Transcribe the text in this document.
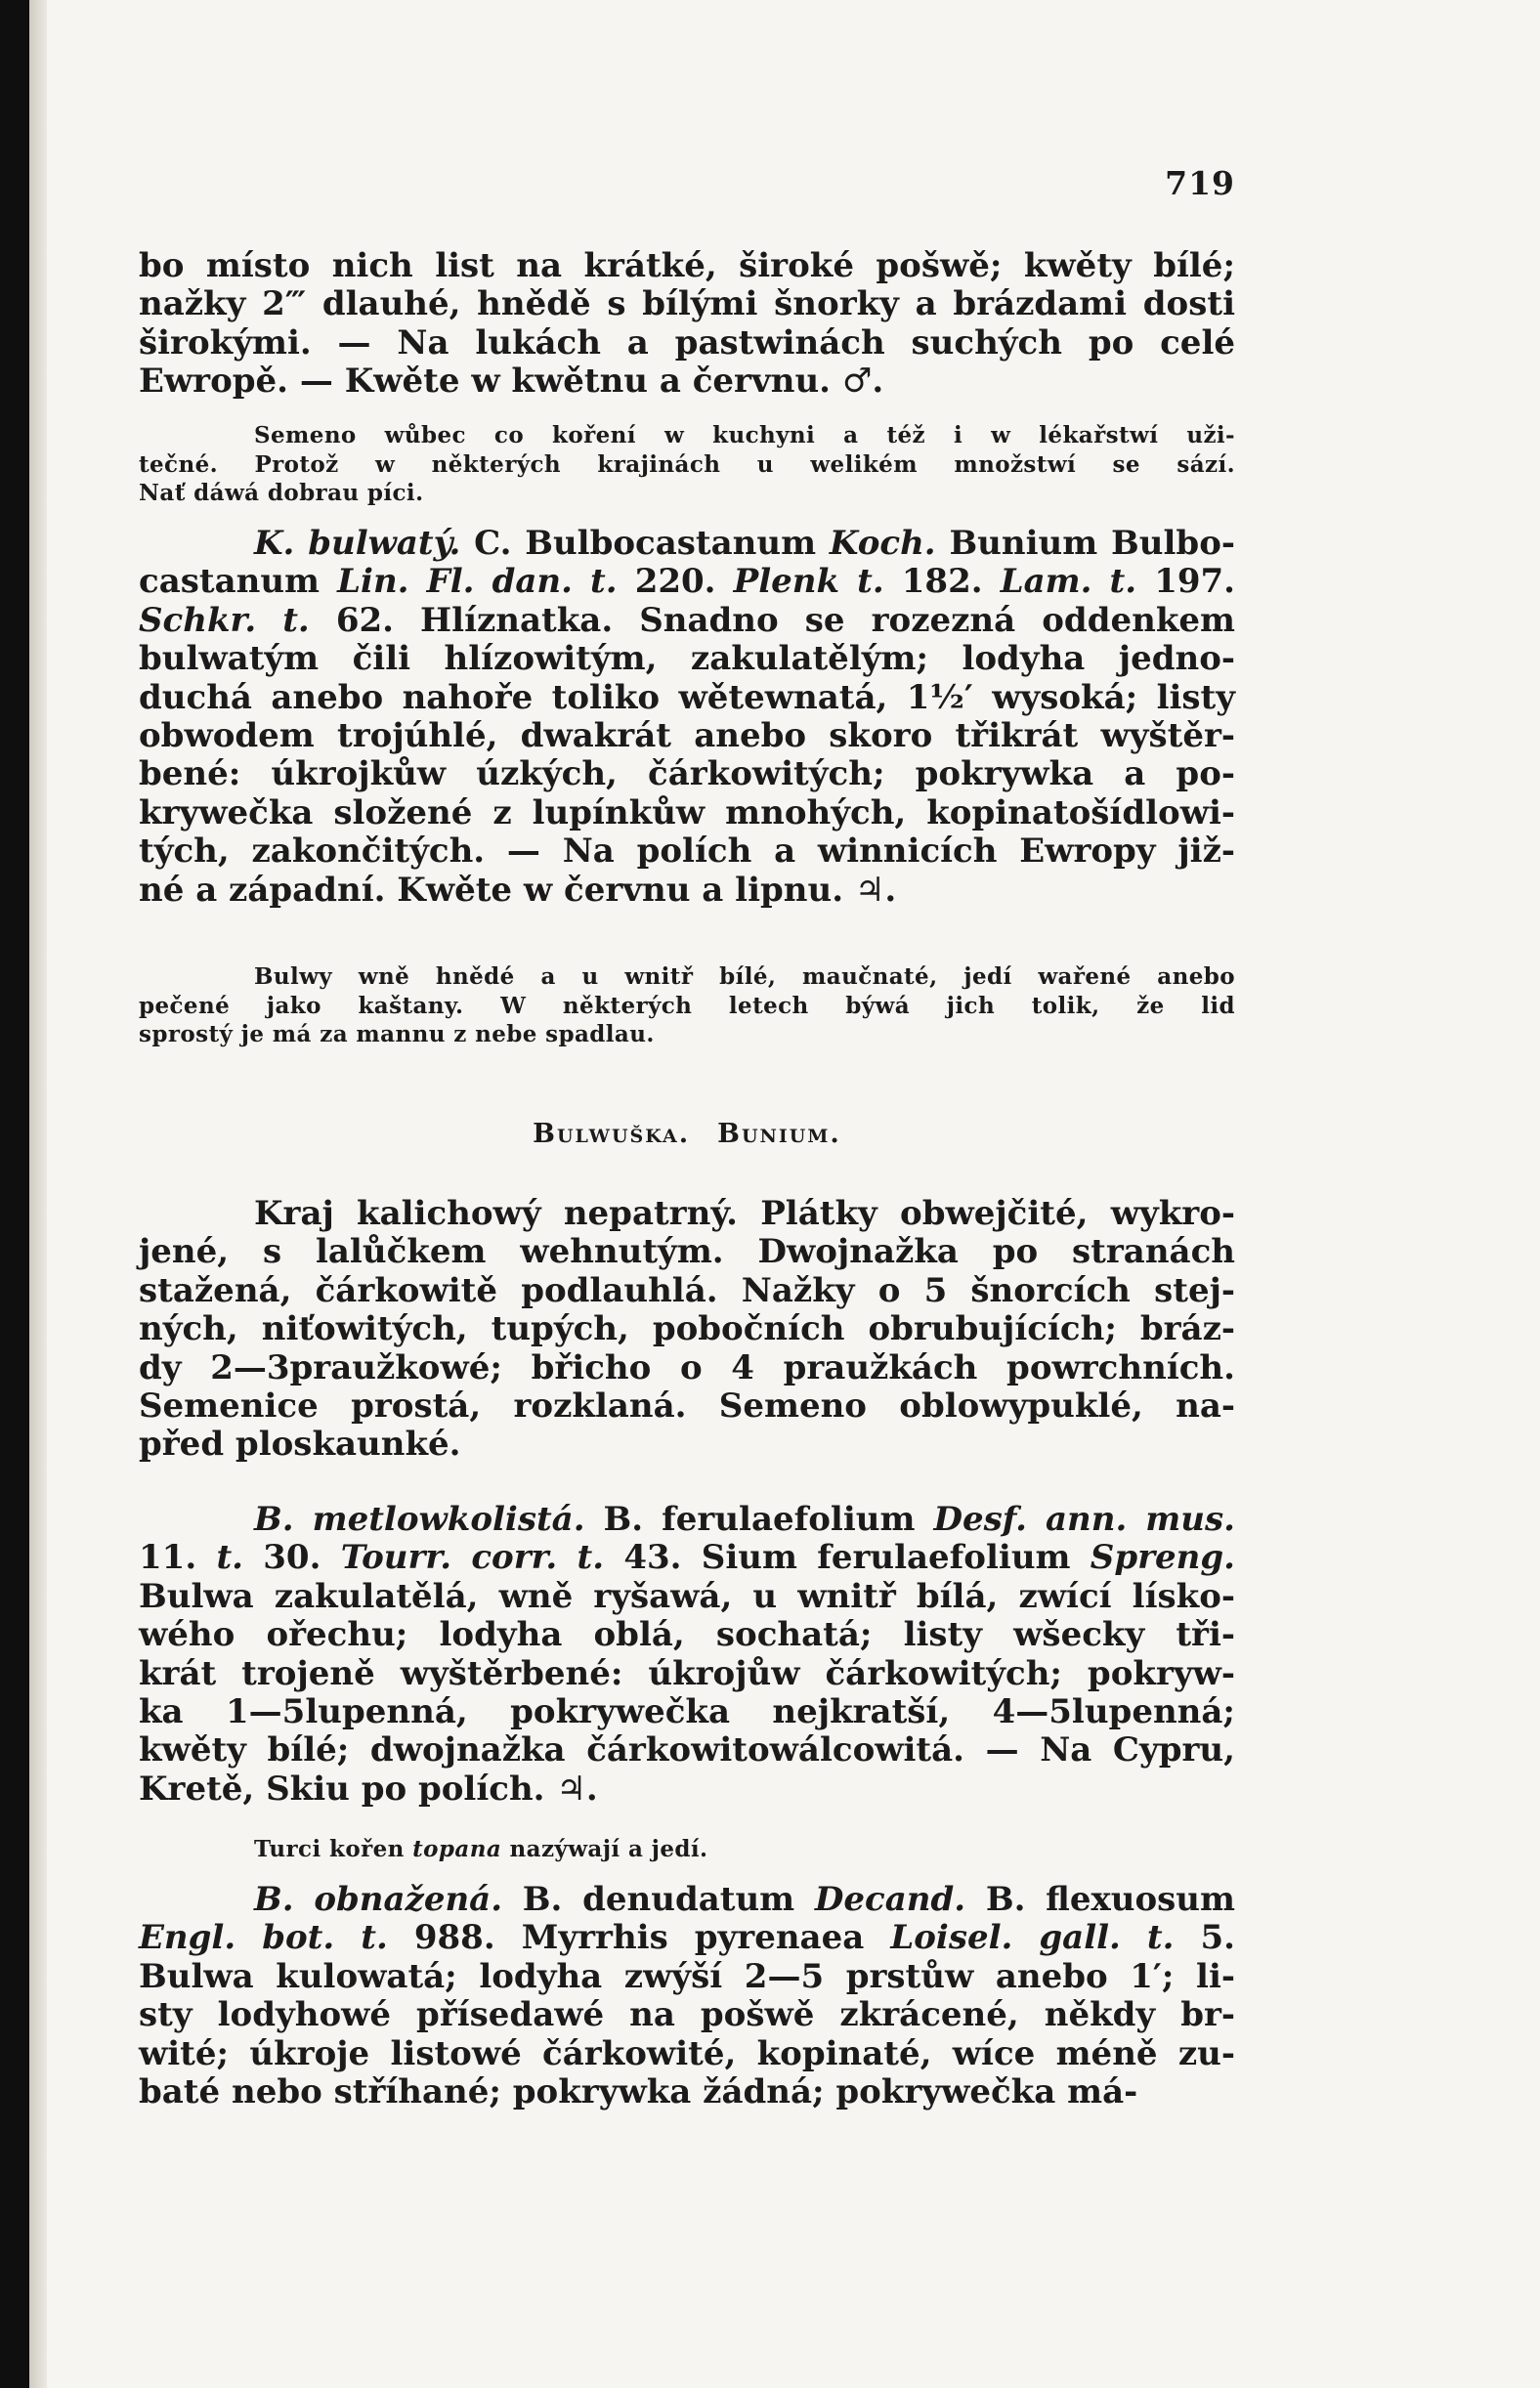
719
bo místo nich list na krátké, široké pošwě; kwěty bílé;
nažky 2‴ dlauhé, hnědě s bílými šnorky a brázdami dosti
širokými. — Na lukách a pastwinách suchých po celé
Ewropě. — Kwěte w kwětnu a červnu. ♂.
Semeno wůbec co koření w kuchyni a též i w lékařstwí uži-
tečné. Protož w některých krajinách u welikém množstwí se sází.
Nať dáwá dobrau píci.
K. bulwatý. C. Bulbocastanum Koch. Bunium Bulbo-
castanum Lin. Fl. dan. t. 220. Plenk t. 182. Lam. t. 197.
Schkr. t. 62. Hlíznatka. Snadno se rozezná oddenkem
bulwatým čili hlízowitým, zakulatělým; lodyha jedno-
duchá anebo nahoře toliko wětewnatá, 1½′ wysoká; listy
obwodem trojúhlé, dwakrát anebo skoro třikrát wyštěr-
bené: úkrojkůw úzkých, čárkowitých; pokrywka a po-
krywečka složené z lupínkůw mnohých, kopinatošídlowi-
tých, zakončitých. — Na polích a winnicích Ewropy již-
né a západní. Kwěte w červnu a lipnu. ♃.
Bulwy wně hnědé a u wnitř bílé, maučnaté, jedí wařené anebo
pečené jako kaštany. W některých letech býwá jich tolik, že lid
sprostý je má za mannu z nebe spadlau.
Bulwuška. Bunium.
Kraj kalichowý nepatrný. Plátky obwejčité, wykro-
jené, s lalůčkem wehnutým. Dwojnažka po stranách
stažená, čárkowitě podlauhlá. Nažky o 5 šnorcích stej-
ných, niťowitých, tupých, pobočních obrubujících; bráz-
dy 2—3praužkowé; břicho o 4 praužkách powrchních.
Semenice prostá, rozklaná. Semeno oblowypuklé, na-
před ploskaunké.
B. metlowkolistá. B. ferulaefolium Desf. ann. mus.
11. t. 30. Tourr. corr. t. 43. Sium ferulaefolium Spreng.
Bulwa zakulatělá, wně ryšawá, u wnitř bílá, zwící lísko-
wého ořechu; lodyha oblá, sochatá; listy wšecky tři-
krát trojeně wyštěrbené: úkrojůw čárkowitých; pokryw-
ka 1—5lupenná, pokrywečka nejkratší, 4—5lupenná;
kwěty bílé; dwojnažka čárkowitowálcowitá. — Na Cypru,
Kretě, Skiu po polích. ♃.
Turci kořen topana nazýwají a jedí.
B. obnažená. B. denudatum Decand. B. flexuosum
Engl. bot. t. 988. Myrrhis pyrenaea Loisel. gall. t. 5.
Bulwa kulowatá; lodyha zwýší 2—5 prstůw anebo 1′; li-
sty lodyhowé přísedawé na pošwě zkrácené, někdy br-
wité; úkroje listowé čárkowité, kopinaté, wíce méně zu-
baté nebo stříhané; pokrywka žádná; pokrywečka má-
